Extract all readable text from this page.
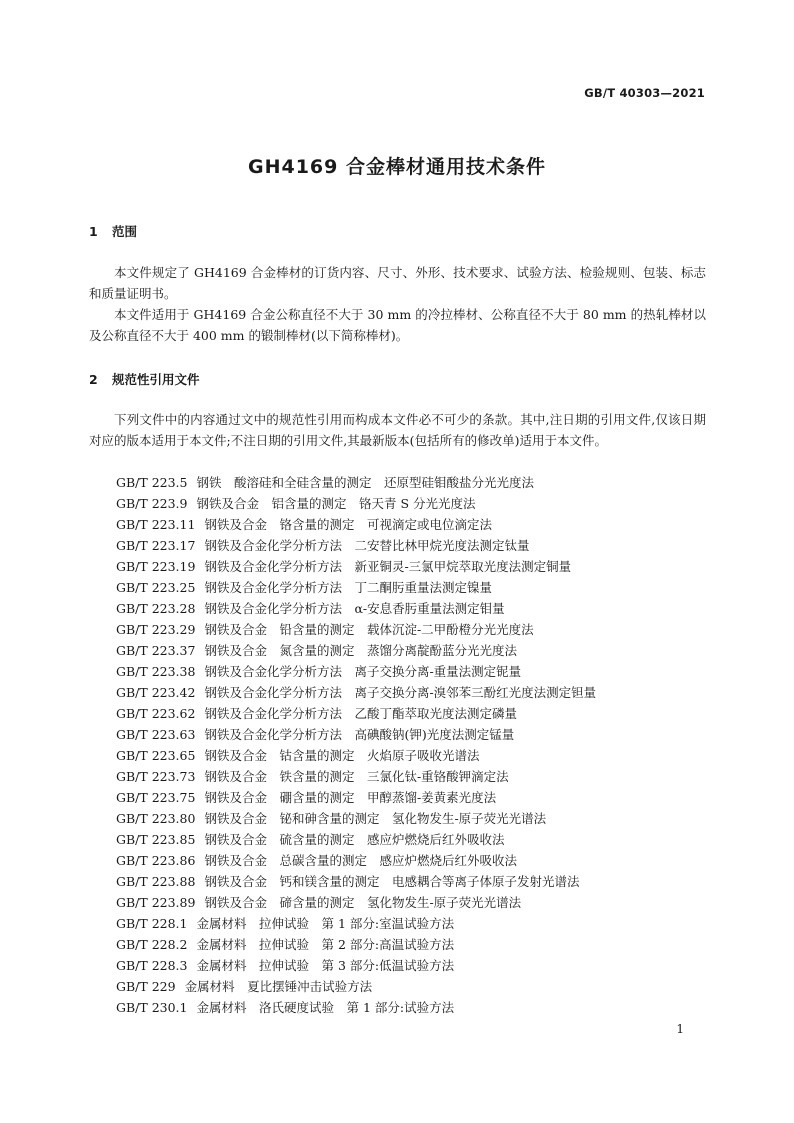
GB/T 40303—2021
GH4169 合金棒材通用技术条件
1 范围

本文件规定了 GH4169 合金棒材的订货内容、尺寸、外形、技术要求、试验方法、检验规则、包装、标志和质量证明书。

本文件适用于 GH4169 合金公称直径不大于 30 mm 的冷拉棒材、公称直径不大于 80 mm 的热轧棒材以及公称直径不大于 400 mm 的锻制棒材(以下简称棒材)。

2 规范性引用文件

下列文件中的内容通过文中的规范性引用而构成本文件必不可少的条款。其中,注日期的引用文件,仅该日期对应的版本适用于本文件;不注日期的引用文件,其最新版本(包括所有的修改单)适用于本文件。

GB/T 223.5 钢铁　酸溶硅和全硅含量的测定　还原型硅钼酸盐分光光度法
GB/T 223.9 钢铁及合金　铝含量的测定　铬天青 S 分光光度法
GB/T 223.11 钢铁及合金　铬含量的测定　可视滴定或电位滴定法
GB/T 223.17 钢铁及合金化学分析方法　二安替比林甲烷光度法测定钛量
GB/T 223.19 钢铁及合金化学分析方法　新亚铜灵-三氯甲烷萃取光度法测定铜量
GB/T 223.25 钢铁及合金化学分析方法　丁二酮肟重量法测定镍量
GB/T 223.28 钢铁及合金化学分析方法　α-安息香肟重量法测定钼量
GB/T 223.29 钢铁及合金　铅含量的测定　载体沉淀-二甲酚橙分光光度法
GB/T 223.37 钢铁及合金　氮含量的测定　蒸馏分离靛酚蓝分光光度法
GB/T 223.38 钢铁及合金化学分析方法　离子交换分离-重量法测定铌量
GB/T 223.42 钢铁及合金化学分析方法　离子交换分离-溴邻苯三酚红光度法测定钽量
GB/T 223.62 钢铁及合金化学分析方法　乙酸丁酯萃取光度法测定磷量
GB/T 223.63 钢铁及合金化学分析方法　高碘酸钠(钾)光度法测定锰量
GB/T 223.65 钢铁及合金　钴含量的测定　火焰原子吸收光谱法
GB/T 223.73 钢铁及合金　铁含量的测定　三氯化钛-重铬酸钾滴定法
GB/T 223.75 钢铁及合金　硼含量的测定　甲醇蒸馏-姜黄素光度法
GB/T 223.80 钢铁及合金　铋和砷含量的测定　氢化物发生-原子荧光光谱法
GB/T 223.85 钢铁及合金　硫含量的测定　感应炉燃烧后红外吸收法
GB/T 223.86 钢铁及合金　总碳含量的测定　感应炉燃烧后红外吸收法
GB/T 223.88 钢铁及合金　钙和镁含量的测定　电感耦合等离子体原子发射光谱法
GB/T 223.89 钢铁及合金　碲含量的测定　氢化物发生-原子荧光光谱法
GB/T 228.1 金属材料　拉伸试验　第 1 部分:室温试验方法
GB/T 228.2 金属材料　拉伸试验　第 2 部分:高温试验方法
GB/T 228.3 金属材料　拉伸试验　第 3 部分:低温试验方法
GB/T 229 金属材料　夏比摆锤冲击试验方法
GB/T 230.1 金属材料　洛氏硬度试验　第 1 部分:试验方法
1
